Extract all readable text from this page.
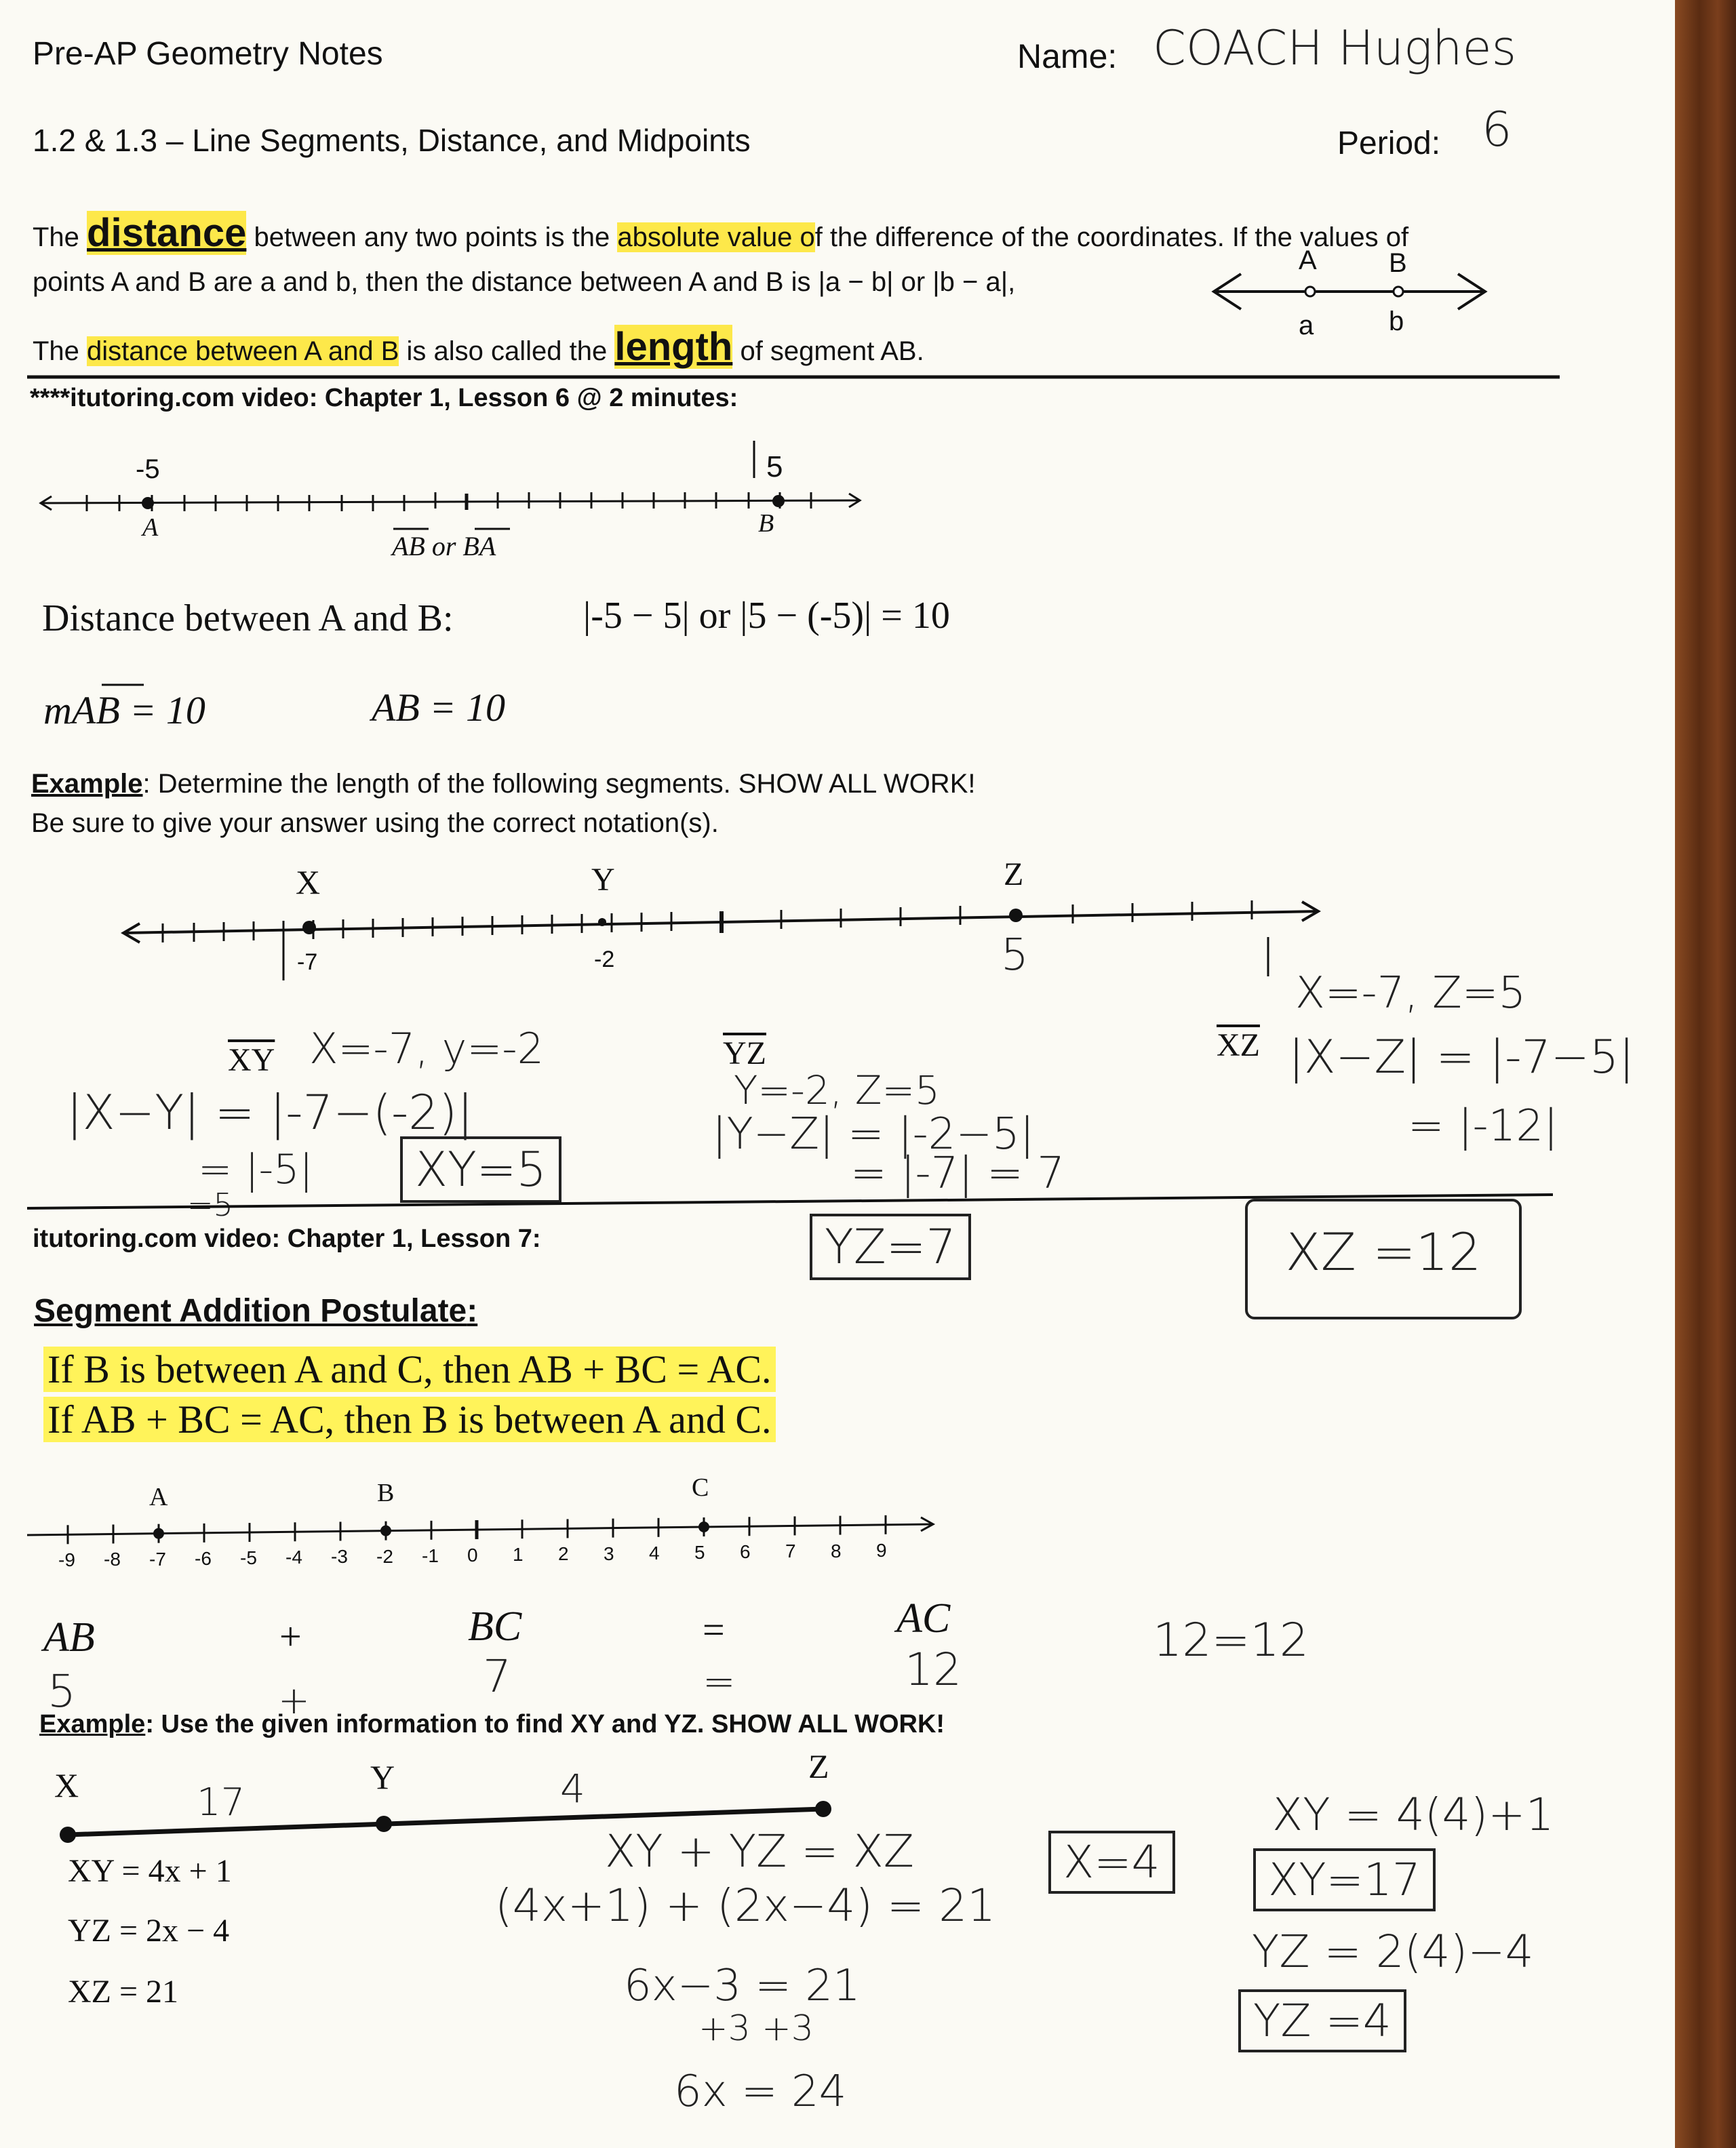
Pre-AP Geometry Notes	Name: COACH Hughes
1.2 & 1.3 – Line Segments, Distance, and Midpoints	Period: 6
The distance between any two points is the absolute value of the difference of the coordinates. If the values of
points A and B are a and b, then the distance between A and B is |a − b| or |b − a|,
The distance between A and B is also called the length of segment AB.
A	B
a	b
****itutoring.com video: Chapter 1, Lesson 6 @ 2 minutes:
-5	5
A	B
AB or BA
Distance between A and B:	|-5 − 5| or |5 − (-5)| = 10
mAB = 10	AB = 10
Example: Determine the length of the following segments. SHOW ALL WORK!
Be sure to give your answer using the correct notation(s).
X	Y	Z
-7	-2	5
$\overline{XY}$ X=-7, y=-2
|X−Y| = |-7−(-2)|
= |-5|
=5
XY=5
$\overline{YZ}$
Y=-2, Z=5
|Y−Z| = |-2−5|
= |-7| = 7
YZ=7
$\overline{XZ}$
X=-7, Z=5
|X−Z| = |-7−5|
= |-12|
XZ =12
itutoring.com video: Chapter 1, Lesson 7:
Segment Addition Postulate:
If B is between A and C, then AB + BC = AC.
If AB + BC = AC, then B is between A and C.
A	B	C
-9 -8 -7 -6 -5 -4 -3 -2 -1 0 1 2 3 4 5 6 7 8 9
AB	+	BC	=	AC
5	+	7	=	12
12=12
Example: Use the given information to find XY and YZ. SHOW ALL WORK!
X	Y	Z
17	4
XY = 4x + 1
YZ = 2x − 4
XZ = 21
XY + YZ = XZ
(4x+1) + (2x−4) = 21
6x−3 = 21
+3 +3
6x = 24
X=4
XY = 4(4)+1
XY=17
YZ = 2(4)−4
YZ =4
